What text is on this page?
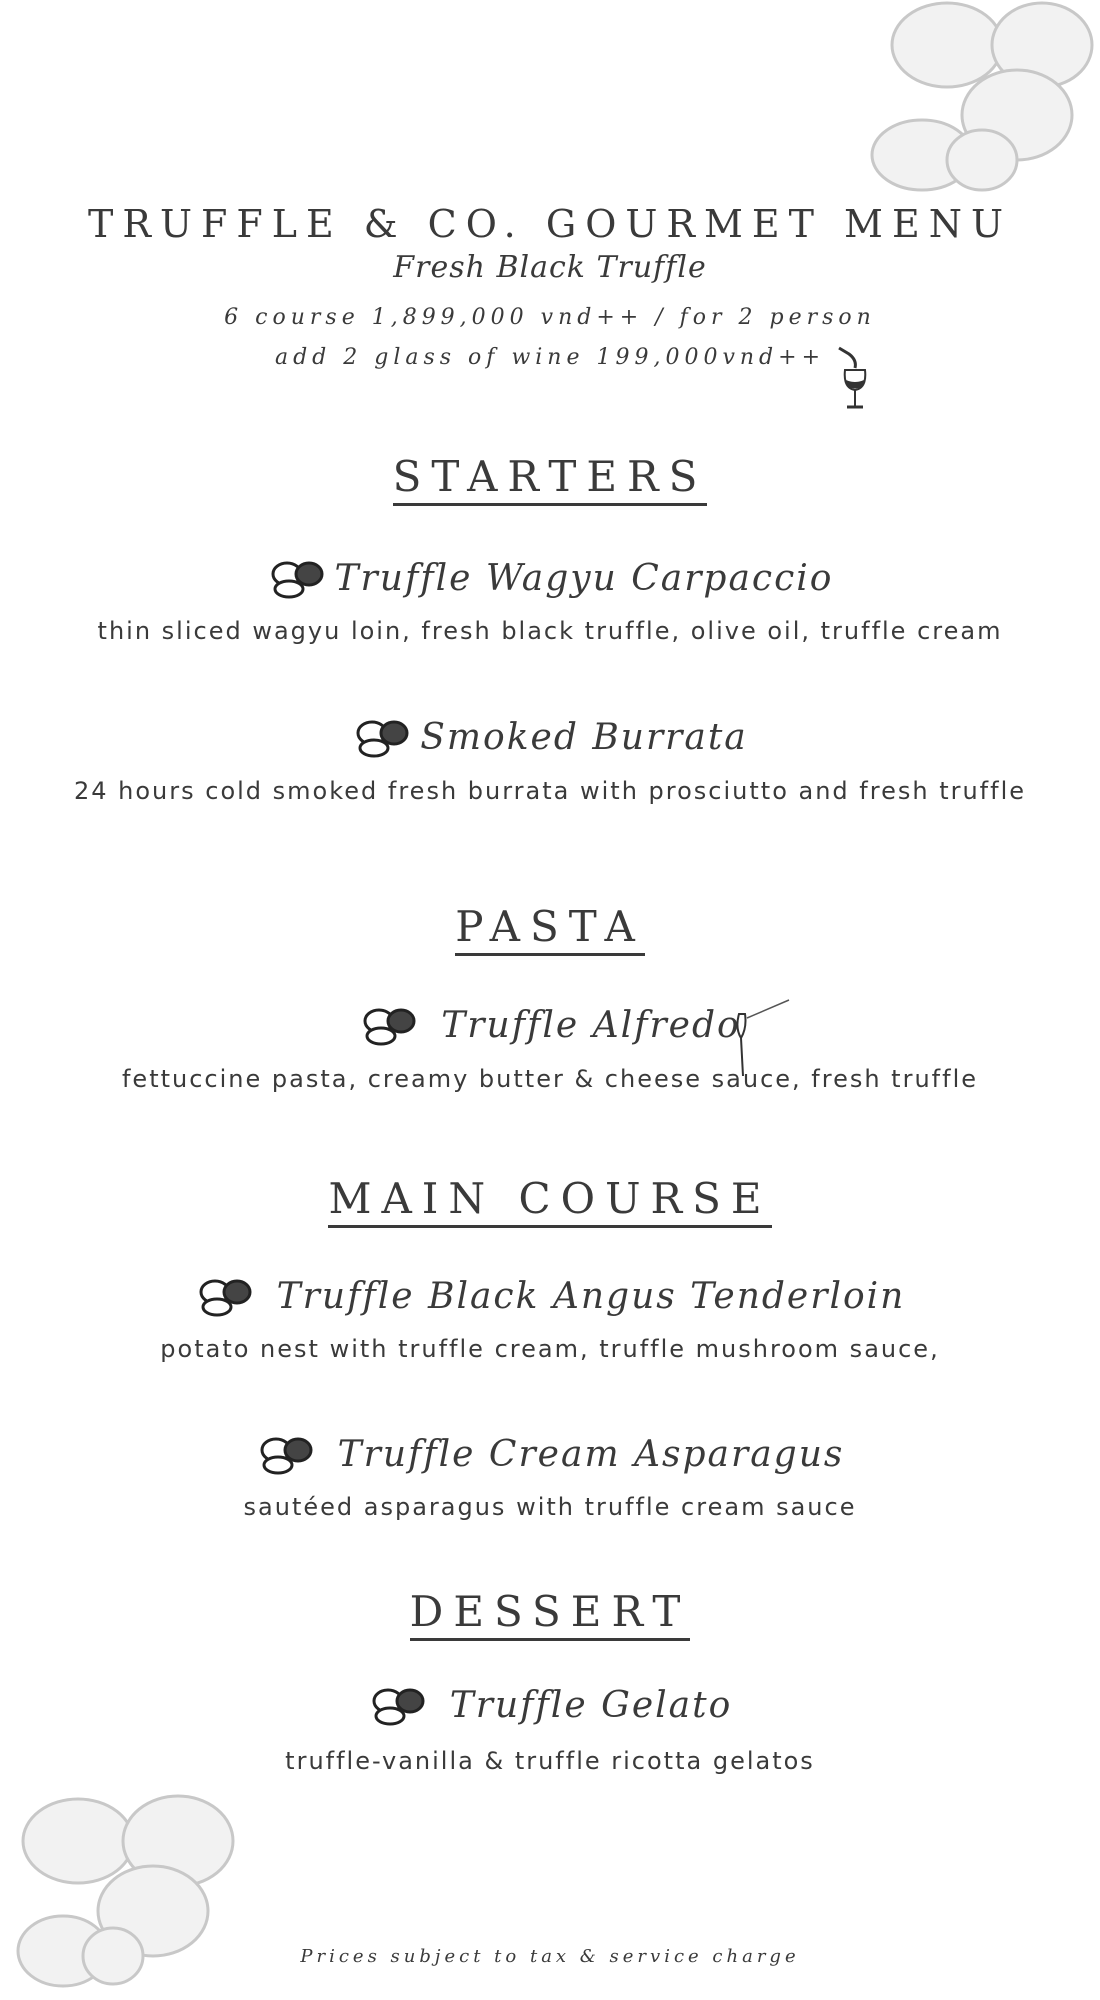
TRUFFLE & CO. GOURMET MENU
Fresh Black Truffle
6 course 1,899,000 vnd++ / for 2 person
add 2 glass of wine 199,000vnd++
STARTERS
Truffle Wagyu Carpaccio
thin sliced wagyu loin, fresh black truffle, olive oil, truffle cream
Smoked Burrata
24 hours cold smoked fresh burrata with prosciutto and fresh truffle
PASTA
Truffle Alfredo
fettuccine pasta, creamy butter & cheese sauce, fresh truffle
MAIN COURSE
Truffle Black Angus Tenderloin
potato nest with truffle cream, truffle mushroom sauce,
Truffle Cream Asparagus
sautéed asparagus with truffle cream sauce
DESSERT
Truffle Gelato
truffle-vanilla & truffle ricotta gelatos
Prices subject to tax & service charge
